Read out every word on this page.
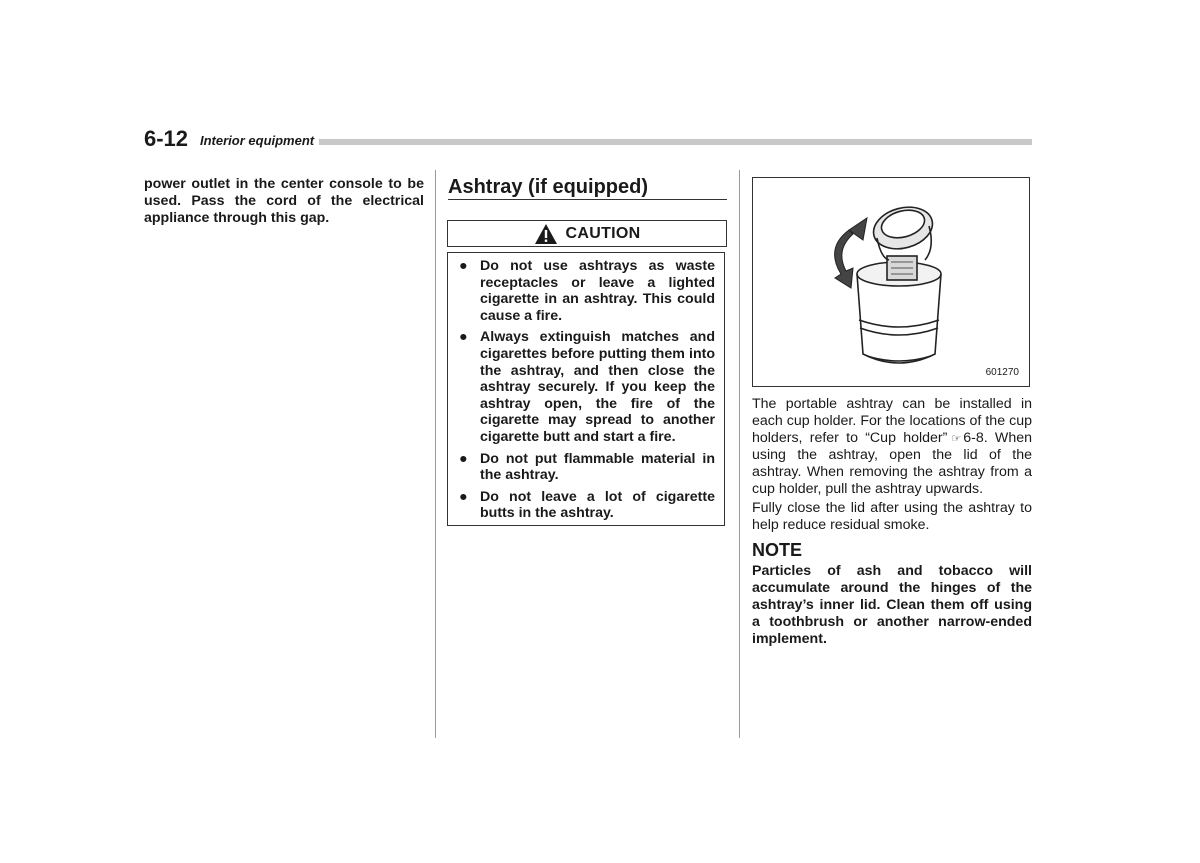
6-12 Interior equipment
power outlet in the center console to be used. Pass the cord of the electrical appliance through this gap.
Ashtray (if equipped)
CAUTION
● Do not use ashtrays as waste receptacles or leave a lighted cigarette in an ashtray. This could cause a fire.
● Always extinguish matches and cigarettes before putting them into the ashtray, and then close the ashtray securely. If you keep the ashtray open, the fire of the cigarette may spread to another cigarette butt and start a fire.
● Do not put flammable material in the ashtray.
● Do not leave a lot of cigarette butts in the ashtray.
601270

The portable ashtray can be installed in each cup holder. For the locations of the cup holders, refer to “Cup holder” ☞ 6-8. When using the ashtray, open the lid of the ashtray. When removing the ashtray from a cup holder, pull the ashtray upwards.

Fully close the lid after using the ashtray to help reduce residual smoke.

NOTE
Particles of ash and tobacco will accumulate around the hinges of the ashtray’s inner lid. Clean them off using a toothbrush or another narrow-ended implement.
